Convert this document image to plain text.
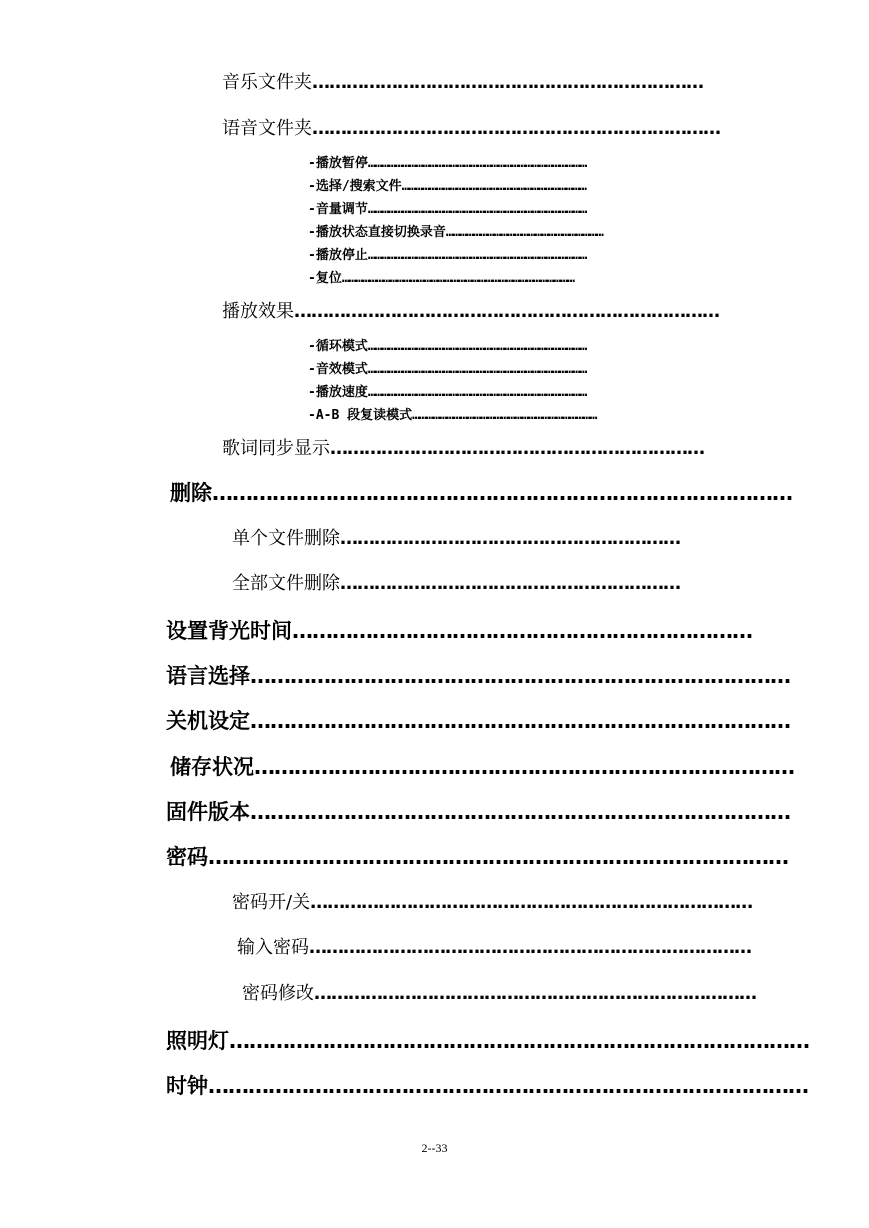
音乐文件夹……………………………………………………………
语音文件夹………………………………………………………………
-播放暂停……………………………………………………………………………………
-选择/搜索文件………………………………………………………………………
-音量调节……………………………………………………………………………………
-播放状态直接切换录音……………………………………………………………
-播放停止……………………………………………………………………………………
-复位…………………………………………………………………………………………
播放效果…………………………………………………………………
-循环模式……………………………………………………………………………………
-音效模式……………………………………………………………………………………
-播放速度……………………………………………………………………………………
-A-B 段复读模式………………………………………………………………………
歌词同步显示…………………………………………………………
删除……………………………………………………………………………
单个文件删除……………………………………………………
全部文件删除……………………………………………………
设置背光时间……………………………………………………………
语言选择………………………………………………………………………
关机设定………………………………………………………………………
储存状况………………………………………………………………………
固件版本………………………………………………………………………
密码……………………………………………………………………………
密码开/关……………………………………………………………………
输入密码……………………………………………………………………
密码修改……………………………………………………………………
照明灯……………………………………………………………………………
时钟………………………………………………………………………………
2--33
